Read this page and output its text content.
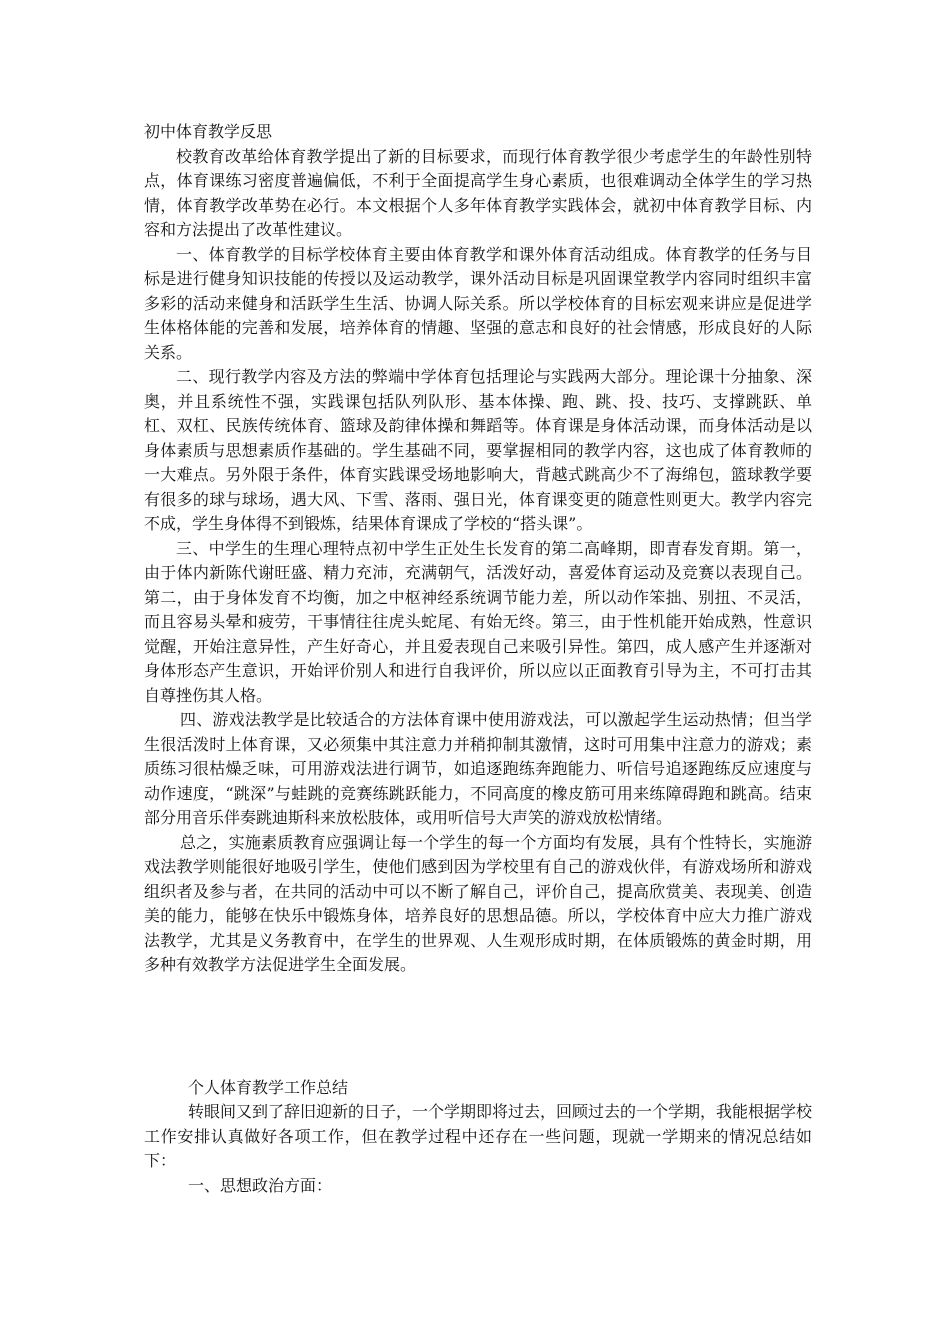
初中体育教学反思

校教育改革给体育教学提出了新的目标要求，而现行体育教学很少考虑学生的年龄性别特点，体育课练习密度普遍偏低，不利于全面提高学生身心素质，也很难调动全体学生的学习热情，体育教学改革势在必行。本文根据个人多年体育教学实践体会，就初中体育教学目标、内容和方法提出了改革性建议。

一、体育教学的目标学校体育主要由体育教学和课外体育活动组成。体育教学的任务与目标是进行健身知识技能的传授以及运动教学，课外活动目标是巩固课堂教学内容同时组织丰富多彩的活动来健身和活跃学生生活、协调人际关系。所以学校体育的目标宏观来讲应是促进学生体格体能的完善和发展，培养体育的情趣、坚强的意志和良好的社会情感，形成良好的人际关系。

二、现行教学内容及方法的弊端中学体育包括理论与实践两大部分。理论课十分抽象、深奥，并且系统性不强，实践课包括队列队形、基本体操、跑、跳、投、技巧、支撑跳跃、单杠、双杠、民族传统体育、篮球及韵律体操和舞蹈等。体育课是身体活动课，而身体活动是以身体素质与思想素质作基础的。学生基础不同，要掌握相同的教学内容，这也成了体育教师的一大难点。另外限于条件，体育实践课受场地影响大，背越式跳高少不了海绵包，篮球教学要有很多的球与球场，遇大风、下雪、落雨、强日光，体育课变更的随意性则更大。教学内容完不成，学生身体得不到锻炼，结果体育课成了学校的“搭头课”。

三、中学生的生理心理特点初中学生正处生长发育的第二高峰期，即青春发育期。第一，由于体内新陈代谢旺盛、精力充沛，充满朝气，活泼好动，喜爱体育运动及竞赛以表现自己。第二，由于身体发育不均衡，加之中枢神经系统调节能力差，所以动作笨拙、别扭、不灵活，而且容易头晕和疲劳，干事情往往虎头蛇尾、有始无终。第三，由于性机能开始成熟，性意识觉醒，开始注意异性，产生好奇心，并且爱表现自己来吸引异性。第四，成人感产生并逐渐对身体形态产生意识，开始评价别人和进行自我评价，所以应以正面教育引导为主，不可打击其自尊挫伤其人格。

四、游戏法教学是比较适合的方法体育课中使用游戏法，可以激起学生运动热情；但当学生很活泼时上体育课，又必须集中其注意力并稍抑制其激情，这时可用集中注意力的游戏；素质练习很枯燥乏味，可用游戏法进行调节，如追逐跑练奔跑能力、听信号追逐跑练反应速度与动作速度，“跳深”与蛙跳的竞赛练跳跃能力，不同高度的橡皮筋可用来练障碍跑和跳高。结束部分用音乐伴奏跳迪斯科来放松肢体，或用听信号大声笑的游戏放松情绪。

总之，实施素质教育应强调让每一个学生的每一个方面均有发展，具有个性特长，实施游戏法教学则能很好地吸引学生，使他们感到因为学校里有自己的游戏伙伴，有游戏场所和游戏组织者及参与者，在共同的活动中可以不断了解自己，评价自己，提高欣赏美、表现美、创造美的能力，能够在快乐中锻炼身体，培养良好的思想品德。所以，学校体育中应大力推广游戏法教学，尤其是义务教育中，在学生的世界观、人生观形成时期，在体质锻炼的黄金时期，用多种有效教学方法促进学生全面发展。

个人体育教学工作总结

转眼间又到了辞旧迎新的日子，一个学期即将过去，回顾过去的一个学期，我能根据学校工作安排认真做好各项工作，但在教学过程中还存在一些问题，现就一学期来的情况总结如下：

一、思想政治方面：
